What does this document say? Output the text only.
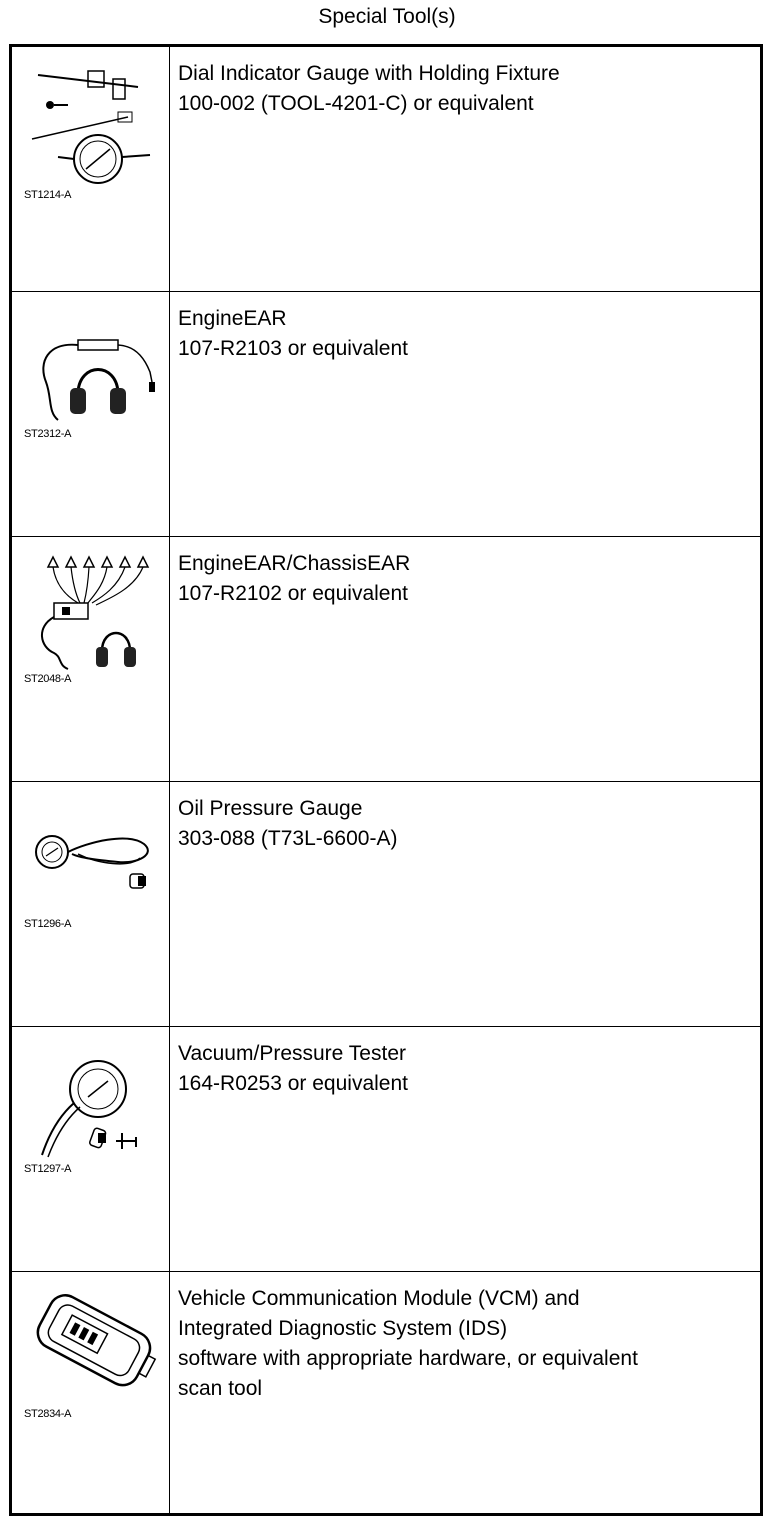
Special Tool(s)
ST1214-A
Dial Indicator Gauge with Holding Fixture
100-002 (TOOL-4201-C) or equivalent
ST2312-A
EngineEAR
107-R2103 or equivalent
ST2048-A
EngineEAR/ChassisEAR
107-R2102 or equivalent
ST1296-A
Oil Pressure Gauge
303-088 (T73L-6600-A)
ST1297-A
Vacuum/Pressure Tester
164-R0253 or equivalent
ST2834-A
Vehicle Communication Module (VCM) and
Integrated Diagnostic System (IDS)
software with appropriate hardware, or equivalent
scan tool
